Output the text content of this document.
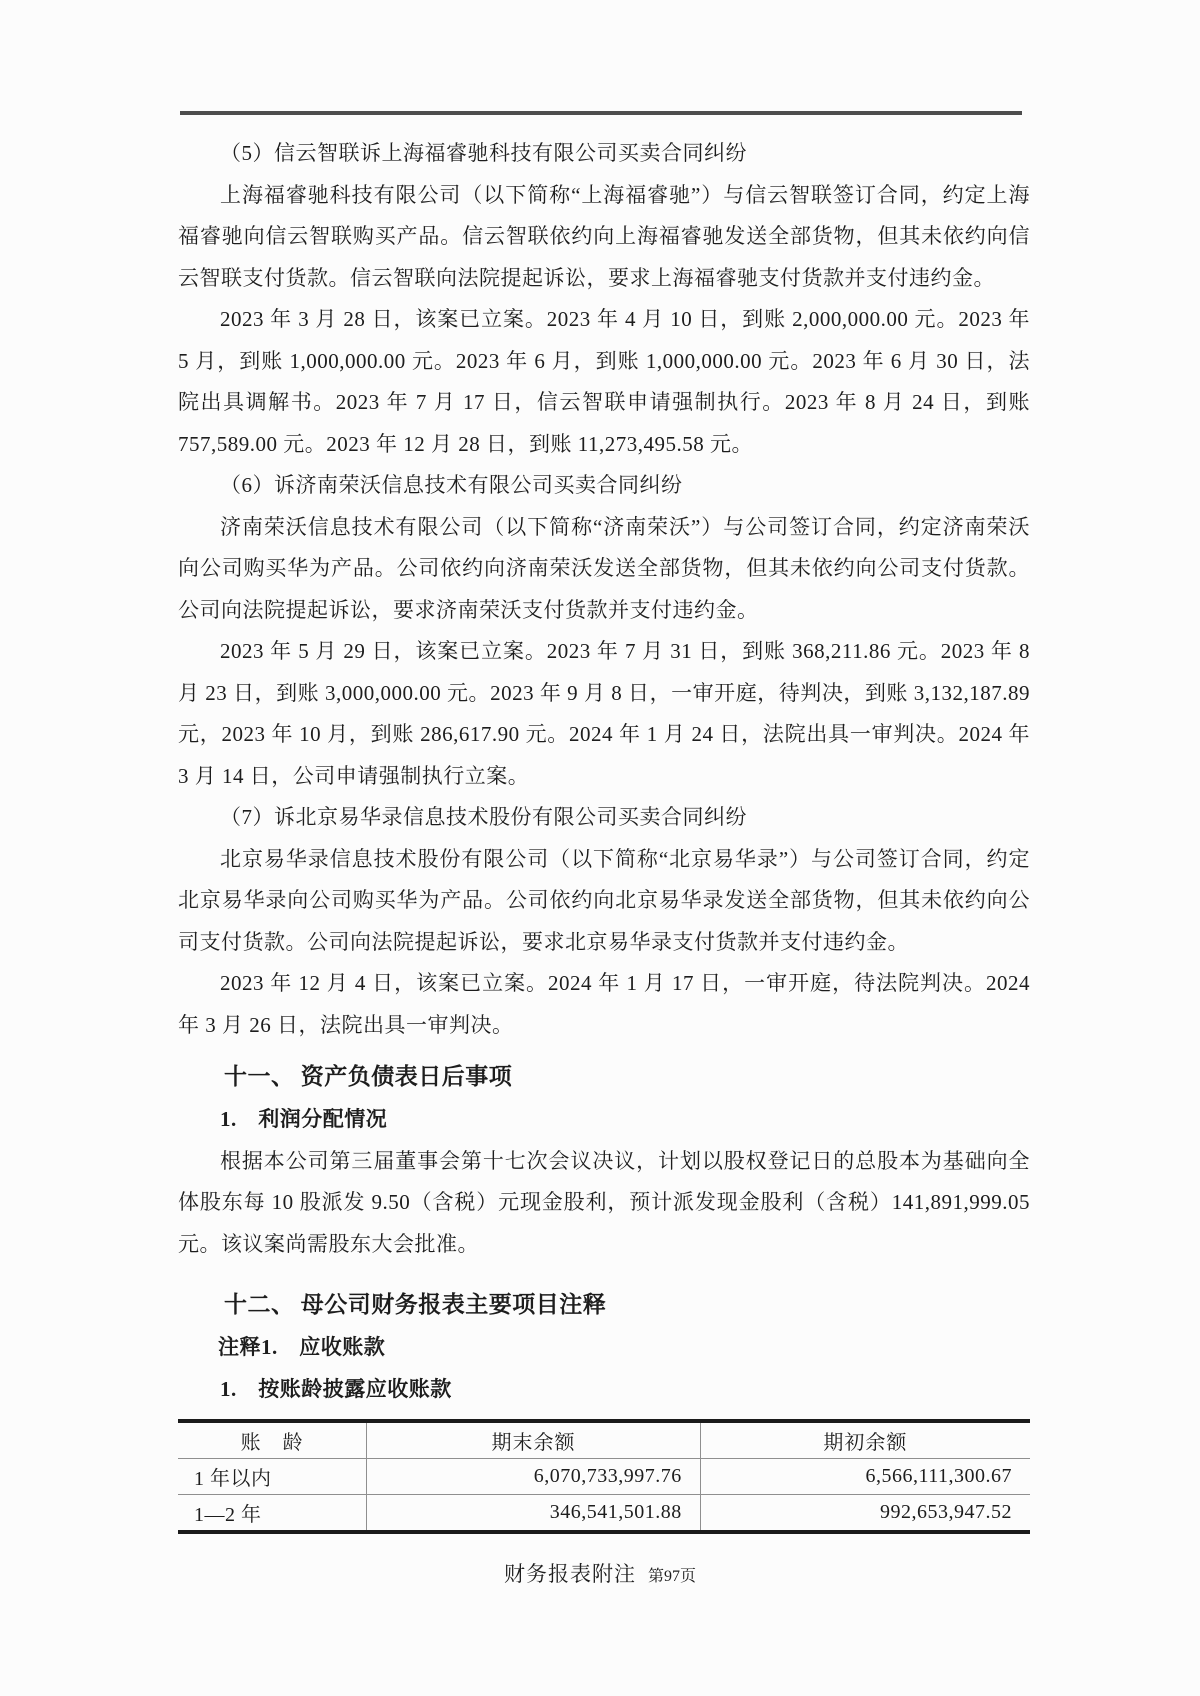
（5）信云智联诉上海福睿驰科技有限公司买卖合同纠纷

上海福睿驰科技有限公司（以下简称“上海福睿驰”）与信云智联签订合同，约定上海福睿驰向信云智联购买产品。信云智联依约向上海福睿驰发送全部货物，但其未依约向信云智联支付货款。信云智联向法院提起诉讼，要求上海福睿驰支付货款并支付违约金。

2023 年 3 月 28 日，该案已立案。2023 年 4 月 10 日，到账 2,000,000.00 元。2023 年 5 月，到账 1,000,000.00 元。2023 年 6 月，到账 1,000,000.00 元。2023 年 6 月 30 日，法院出具调解书。2023 年 7 月 17 日，信云智联申请强制执行。2023 年 8 月 24 日，到账 757,589.00 元。2023 年 12 月 28 日，到账 11,273,495.58 元。

（6）诉济南荣沃信息技术有限公司买卖合同纠纷

济南荣沃信息技术有限公司（以下简称“济南荣沃”）与公司签订合同，约定济南荣沃向公司购买华为产品。公司依约向济南荣沃发送全部货物，但其未依约向公司支付货款。公司向法院提起诉讼，要求济南荣沃支付货款并支付违约金。

2023 年 5 月 29 日，该案已立案。2023 年 7 月 31 日，到账 368,211.86 元。2023 年 8 月 23 日，到账 3,000,000.00 元。2023 年 9 月 8 日，一审开庭，待判决，到账 3,132,187.89 元，2023 年 10 月，到账 286,617.90 元。2024 年 1 月 24 日，法院出具一审判决。2024 年 3 月 14 日，公司申请强制执行立案。

（7）诉北京易华录信息技术股份有限公司买卖合同纠纷

北京易华录信息技术股份有限公司（以下简称“北京易华录”）与公司签订合同，约定北京易华录向公司购买华为产品。公司依约向北京易华录发送全部货物，但其未依约向公司支付货款。公司向法院提起诉讼，要求北京易华录支付货款并支付违约金。

2023 年 12 月 4 日，该案已立案。2024 年 1 月 17 日，一审开庭，待法院判决。2024 年 3 月 26 日，法院出具一审判决。

十一、 资产负债表日后事项

1.　利润分配情况

根据本公司第三届董事会第十七次会议决议，计划以股权登记日的总股本为基础向全体股东每 10 股派发 9.50（含税）元现金股利，预计派发现金股利（含税）141,891,999.05 元。该议案尚需股东大会批准。

十二、 母公司财务报表主要项目注释

注释1.　应收账款

1.　按账龄披露应收账款

账　龄	期末余额	期初余额
1 年以内	6,070,733,997.76	6,566,111,300.67
1—2 年	346,541,501.88	992,653,947.52
财务报表附注 第97页
